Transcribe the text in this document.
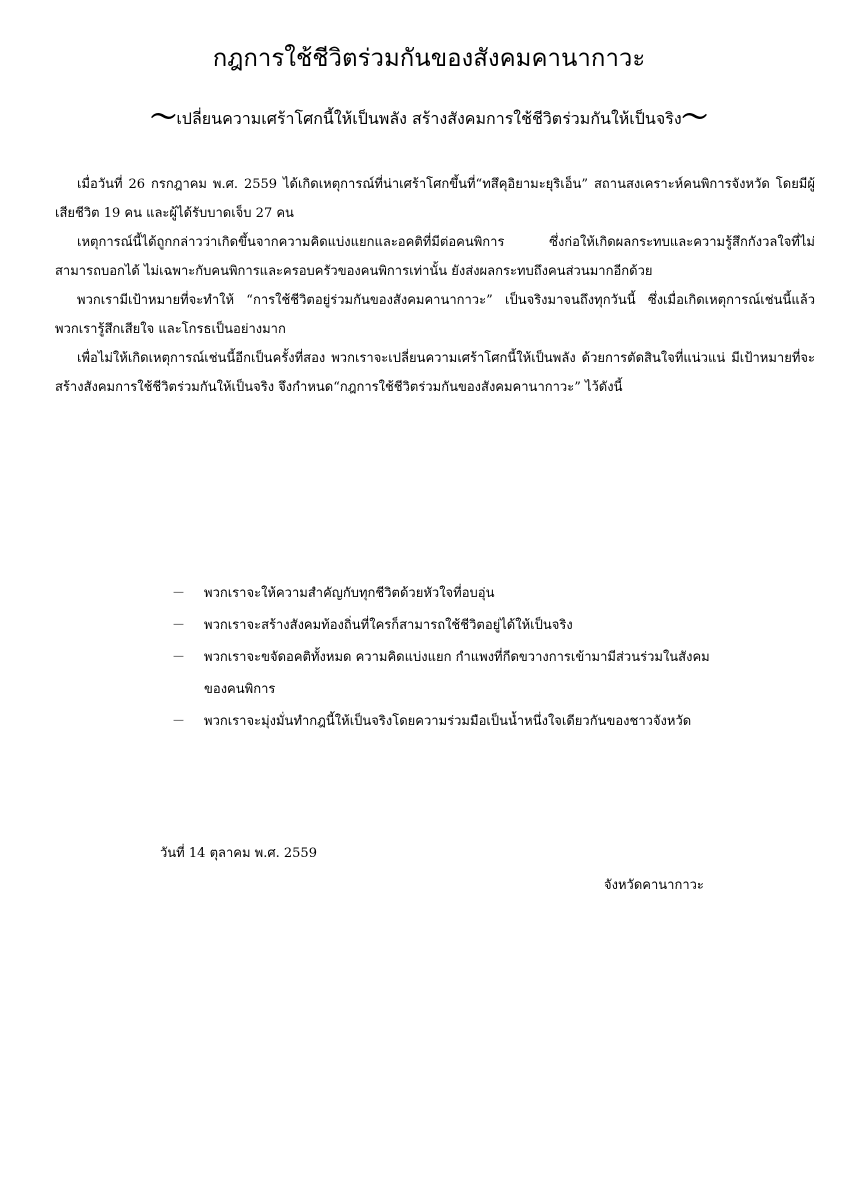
กฎการใช้ชีวิตร่วมกันของสังคมคานากาวะ
〜เปลี่ยนความเศร้าโศกนี้ให้เป็นพลัง สร้างสังคมการใช้ชีวิตร่วมกันให้เป็นจริง〜

เมื่อวันที่ 26 กรกฎาคม พ.ศ. 2559 ได้เกิดเหตุการณ์ที่น่าเศร้าโศกขึ้นที่“ทสึคุอิยามะยุริเอ็น” สถานสงเคราะห์คนพิการจังหวัด โดยมีผู้เสียชีวิต 19 คน และผู้ได้รับบาดเจ็บ 27 คน

เหตุการณ์นี้ได้ถูกกล่าวว่าเกิดขึ้นจากความคิดแบ่งแยกและอคติที่มีต่อคนพิการ ซึ่งก่อให้เกิดผลกระทบและความรู้สึกกังวลใจที่ไม่สามารถบอกได้ ไม่เฉพาะกับคนพิการและครอบครัวของคนพิการเท่านั้น ยังส่งผลกระทบถึงคนส่วนมากอีกด้วย

พวกเรามีเป้าหมายที่จะทำให้ “การใช้ชีวิตอยู่ร่วมกันของสังคมคานากาวะ” เป็นจริงมาจนถึงทุกวันนี้ ซึ่งเมื่อเกิดเหตุการณ์เช่นนี้แล้ว พวกเรารู้สึกเสียใจ และโกรธเป็นอย่างมาก

เพื่อไม่ให้เกิดเหตุการณ์เช่นนี้อีกเป็นครั้งที่สอง พวกเราจะเปลี่ยนความเศร้าโศกนี้ให้เป็นพลัง ด้วยการตัดสินใจที่แน่วแน่ มีเป้าหมายที่จะสร้างสังคมการใช้ชีวิตร่วมกันให้เป็นจริง จึงกำหนด“กฎการใช้ชีวิตร่วมกันของสังคมคานากาวะ” ไว้ดังนี้

－	พวกเราจะให้ความสำคัญกับทุกชีวิตด้วยหัวใจที่อบอุ่น
－	พวกเราจะสร้างสังคมท้องถิ่นที่ใครก็สามารถใช้ชีวิตอยู่ได้ให้เป็นจริง
－	พวกเราจะขจัดอคติทั้งหมด ความคิดแบ่งแยก กำแพงที่กีดขวางการเข้ามามีส่วนร่วมในสังคมของคนพิการ
－	พวกเราจะมุ่งมั่นทำกฎนี้ให้เป็นจริงโดยความร่วมมือเป็นน้ำหนึ่งใจเดียวกันของชาวจังหวัด

วันที่ 14 ตุลาคม พ.ศ. 2559

จังหวัดคานากาวะ
